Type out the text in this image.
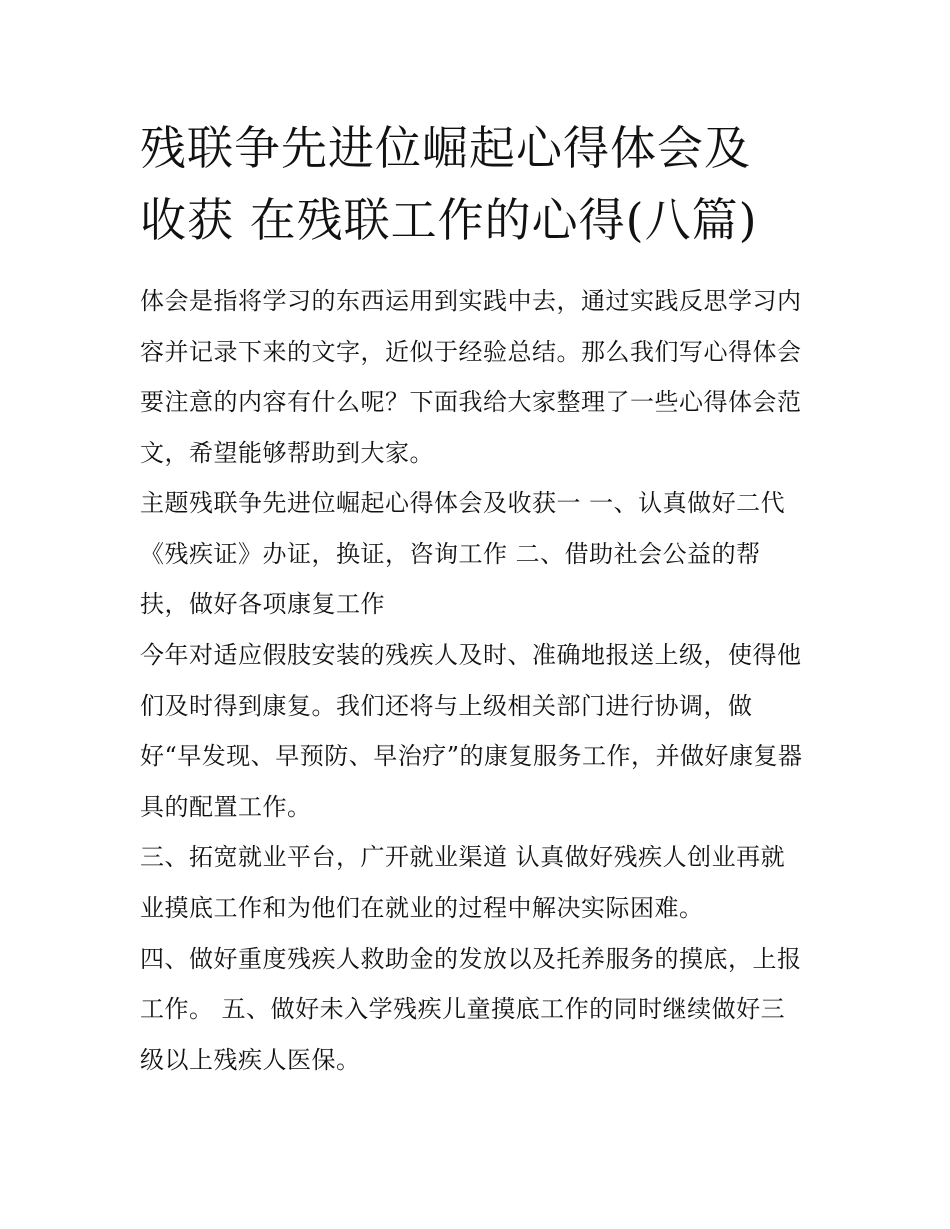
残联争先进位崛起心得体会及
收获 在残联工作的心得(八篇)

体会是指将学习的东西运用到实践中去，通过实践反思学习内

容并记录下来的文字，近似于经验总结。那么我们写心得体会

要注意的内容有什么呢？下面我给大家整理了一些心得体会范

文，希望能够帮助到大家。

主题残联争先进位崛起心得体会及收获一 一、认真做好二代

《残疾证》办证，换证，咨询工作 二、借助社会公益的帮

扶，做好各项康复工作

今年对适应假肢安装的残疾人及时、准确地报送上级，使得他

们及时得到康复。我们还将与上级相关部门进行协调，做

好“早发现、早预防、早治疗”的康复服务工作，并做好康复器

具的配置工作。

三、拓宽就业平台，广开就业渠道 认真做好残疾人创业再就

业摸底工作和为他们在就业的过程中解决实际困难。

四、做好重度残疾人救助金的发放以及托养服务的摸底，上报

工作。 五、做好未入学残疾儿童摸底工作的同时继续做好三

级以上残疾人医保。
